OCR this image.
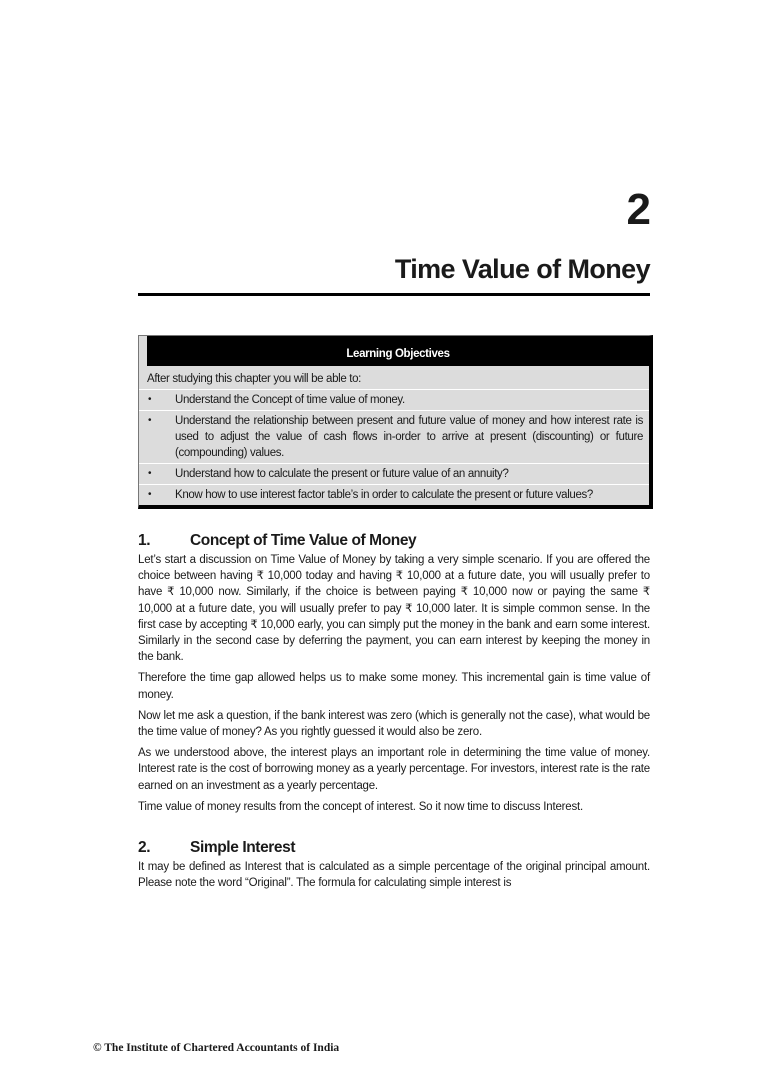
2
Time Value of Money
Learning Objectives
After studying this chapter you will be able to:
• Understand the Concept of time value of money.
• Understand the relationship between present and future value of money and how interest rate is used to adjust the value of cash flows in-order to arrive at present (discounting) or future (compounding) values.
• Understand how to calculate the present or future value of an annuity?
• Know how to use interest factor table’s in order to calculate the present or future values?
1.	Concept of Time Value of Money

Let’s start a discussion on Time Value of Money by taking a very simple scenario. If you are offered the choice between having ₹ 10,000 today and having ₹ 10,000 at a future date, you will usually prefer to have ₹ 10,000 now. Similarly, if the choice is between paying ₹ 10,000 now or paying the same ₹ 10,000 at a future date, you will usually prefer to pay ₹ 10,000 later. It is simple common sense. In the first case by accepting ₹ 10,000 early, you can simply put the money in the bank and earn some interest. Similarly in the second case by deferring the payment, you can earn interest by keeping the money in the bank.

Therefore the time gap allowed helps us to make some money. This incremental gain is time value of money.

Now let me ask a question, if the bank interest was zero (which is generally not the case), what would be the time value of money? As you rightly guessed it would also be zero.

As we understood above, the interest plays an important role in determining the time value of money. Interest rate is the cost of borrowing money as a yearly percentage. For investors, interest rate is the rate earned on an investment as a yearly percentage.

Time value of money results from the concept of interest. So it now time to discuss Interest.

2.	Simple Interest

It may be defined as Interest that is calculated as a simple percentage of the original principal amount. Please note the word “Original”. The formula for calculating simple interest is

© The Institute of Chartered Accountants of India
